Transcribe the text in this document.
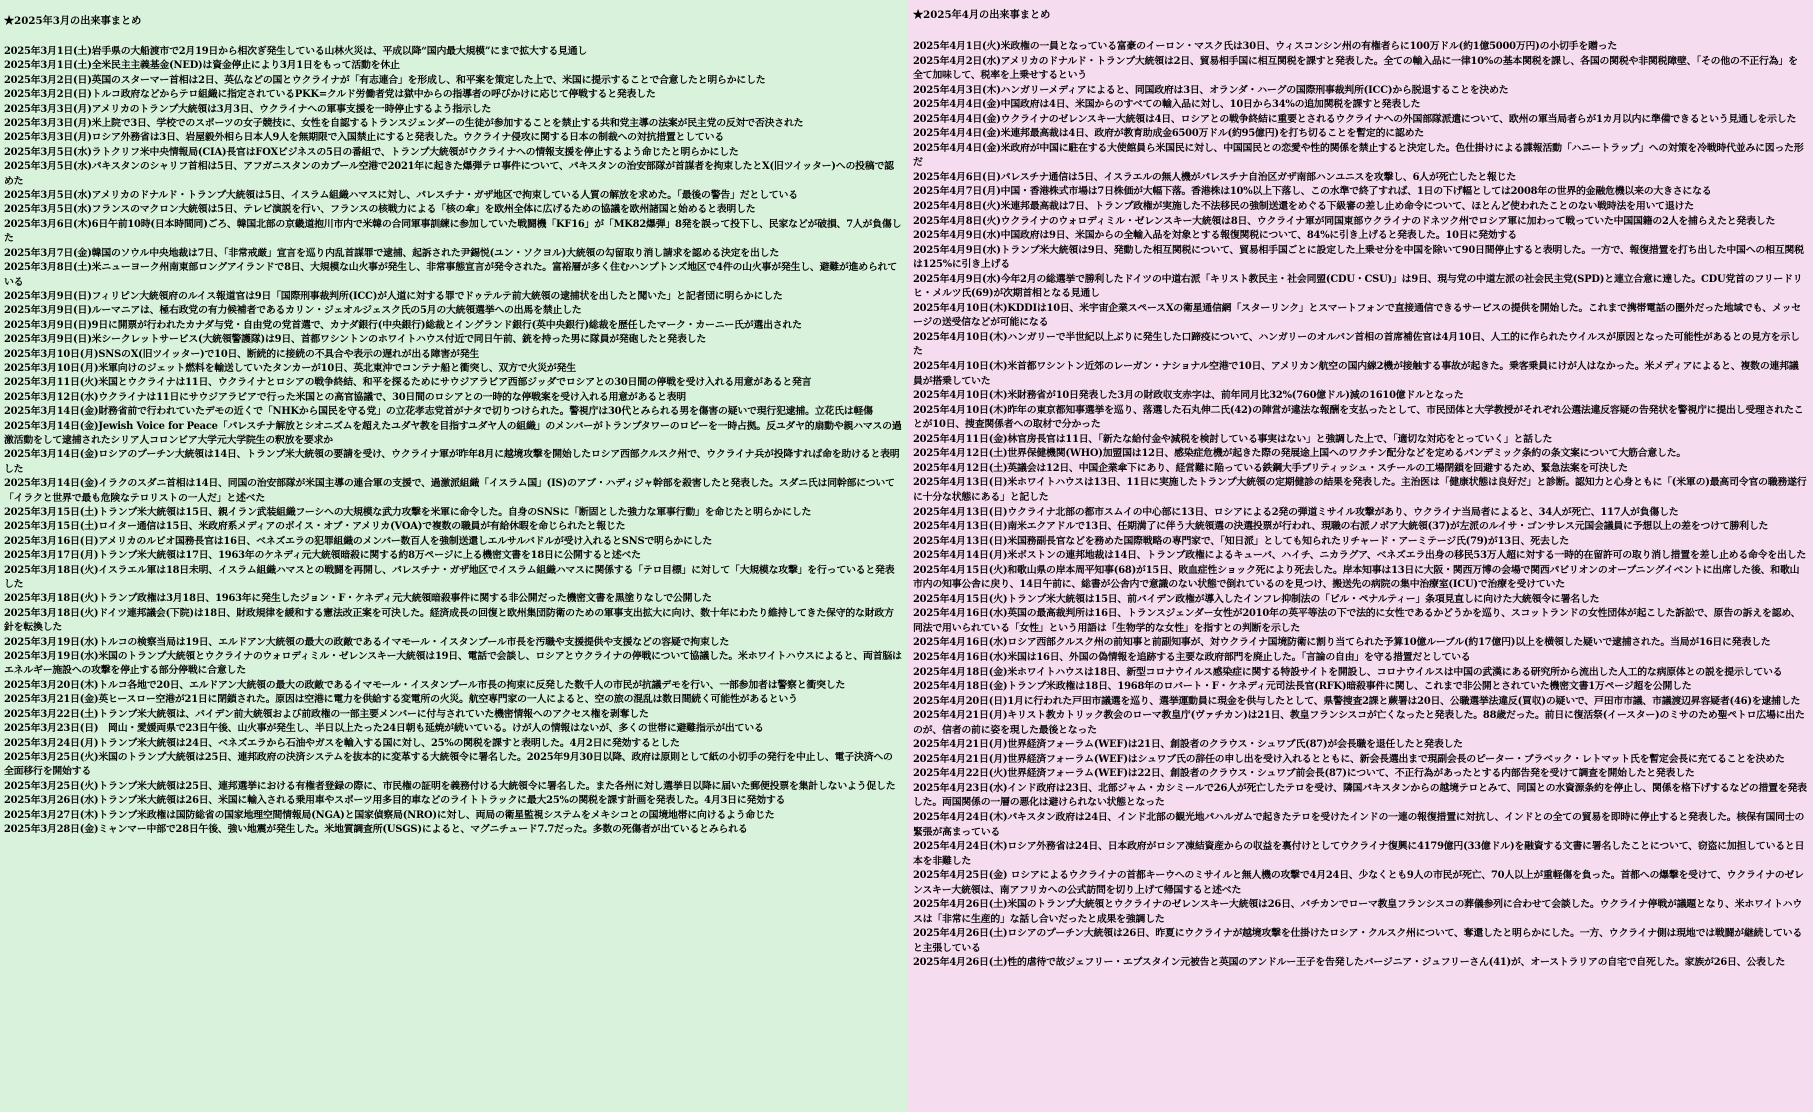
★2025年3月の出来事まとめ
2025年3月1日(土)岩手県の大船渡市で2月19日から相次ぎ発生している山林火災は、平成以降“国内最大規模”にまで拡大する見通し
2025年3月1日(土)全米民主主義基金(NED)は資金停止により3月1日をもって活動を休止
2025年3月2日(日)英国のスターマー首相は2日、英仏などの国とウクライナが「有志連合」を形成し、和平案を策定した上で、米国に提示することで合意したと明らかにした
2025年3月2日(日)トルコ政府などからテロ組織に指定されているPKK=クルド労働者党は獄中からの指導者の呼びかけに応じて停戦すると発表した
2025年3月3日(月)アメリカのトランプ大統領は3月3日、ウクライナへの軍事支援を一時停止するよう指示した
2025年3月3日(月)米上院で3日、学校でのスポーツの女子競技に、女性を自認するトランスジェンダーの生徒が参加することを禁止する共和党主導の法案が民主党の反対で否決された
2025年3月3日(月)ロシア外務省は3日、岩屋毅外相ら日本人9人を無期限で入国禁止にすると発表した。ウクライナ侵攻に関する日本の制裁への対抗措置としている
2025年3月5日(水)ラトクリフ米中央情報局(CIA)長官はFOXビジネスの5日の番組で、トランプ大統領がウクライナへの情報支援を停止するよう命じたと明らかにした
2025年3月5日(水)パキスタンのシャリフ首相は5日、アフガニスタンのカブール空港で2021年に起きた爆弾テロ事件について、パキスタンの治安部隊が首謀者を拘束したとX(旧ツイッター)への投稿で認めた
2025年3月5日(水)アメリカのドナルド・トランプ大統領は5日、イスラム組織ハマスに対し、パレスチナ・ガザ地区で拘束している人質の解放を求めた。「最後の警告」だとしている
2025年3月5日(水)フランスのマクロン大統領は5日、テレビ演説を行い、フランスの核戦力による「核の傘」を欧州全体に広げるための協議を欧州諸国と始めると表明した
2025年3月6日(木)6日午前10時(日本時間同)ごろ、韓国北部の京畿道抱川市内で米韓の合同軍事訓練に参加していた戦闘機「KF16」が「MK82爆弾」8発を誤って投下し、民家などが破損、7人が負傷した
2025年3月7日(金)韓国のソウル中央地裁は7日、「非常戒厳」宣言を巡り内乱首謀罪で逮捕、起訴された尹錫悦(ユン・ソクヨル)大統領の勾留取り消し請求を認める決定を出した
2025年3月8日(土)米ニューヨーク州南東部ロングアイランドで8日、大規模な山火事が発生し、非常事態宣言が発令された。富裕層が多く住むハンプトンズ地区で4件の山火事が発生し、避難が進められている
2025年3月9日(日)フィリピン大統領府のルイス報道官は9日「国際刑事裁判所(ICC)が人道に対する罪でドゥテルテ前大統領の逮捕状を出したと聞いた」と記者団に明らかにした
2025年3月9日(日)ルーマニアは、極右政党の有力候補者であるカリン・ジェオルジェスク氏の5月の大統領選挙への出馬を禁止した
2025年3月9日(日)9日に開票が行われたカナダ与党・自由党の党首選で、カナダ銀行(中央銀行)総裁とイングランド銀行(英中央銀行)総裁を歴任したマーク・カーニー氏が選出された
2025年3月9日(日)米シークレットサービス(大統領警護隊)は9日、首都ワシントンのホワイトハウス付近で同日午前、銃を持った男に隊員が発砲したと発表した
2025年3月10日(月)SNSのX(旧ツイッター)で10日、断続的に接続の不具合や表示の遅れが出る障害が発生
2025年3月10日(月)米軍向けのジェット燃料を輸送していたタンカーが10日、英北東沖でコンテナ船と衝突し、双方で火災が発生
2025年3月11日(火)米国とウクライナは11日、ウクライナとロシアの戦争終結、和平を探るためにサウジアラビア西部ジッダでロシアとの30日間の停戦を受け入れる用意があると発言
2025年3月12日(水)ウクライナは11日にサウジアラビアで行った米国との高官協議で、30日間のロシアとの一時的な停戦案を受け入れる用意があると表明
2025年3月14日(金)財務省前で行われていたデモの近くで「NHKから国民を守る党」の立花孝志党首がナタで切りつけられた。警視庁は30代とみられる男を傷害の疑いで現行犯逮捕。立花氏は軽傷
2025年3月14日(金)Jewish Voice for Peace「パレスチナ解放とシオニズムを超えたユダヤ教を目指すユダヤ人の組織」のメンバーがトランプタワーのロビーを一時占拠。反ユダヤ的扇動や親ハマスの過激活動をして逮捕されたシリア人コロンビア大学元大学院生の釈放を要求か
2025年3月14日(金)ロシアのプーチン大統領は14日、トランプ米大統領の要請を受け、ウクライナ軍が昨年8月に越境攻撃を開始したロシア西部クルスク州で、ウクライナ兵が投降すれば命を助けると表明した
2025年3月14日(金)イラクのスダニ首相は14日、同国の治安部隊が米国主導の連合軍の支援で、過激派組織「イスラム国」(IS)のアブ・ハディジャ幹部を殺害したと発表した。スダニ氏は同幹部について「イラクと世界で最も危険なテロリストの一人だ」と述べた
2025年3月15日(土)トランプ米大統領は15日、親イラン武装組織フーシへの大規模な武力攻撃を米軍に命令した。自身のSNSに「断固とした強力な軍事行動」を命じたと明らかにした
2025年3月15日(土)ロイター通信は15日、米政府系メディアのボイス・オブ・アメリカ(VOA)で複数の職員が有給休暇を命じられたと報じた
2025年3月16日(日)アメリカのルビオ国務長官は16日、ベネズエラの犯罪組織のメンバー数百人を強制送還しエルサルバドルが受け入れるとSNSで明らかにした
2025年3月17日(月)トランプ米大統領は17日、1963年のケネディ元大統領暗殺に関する約8万ページに上る機密文書を18日に公開すると述べた
2025年3月18日(火)イスラエル軍は18日未明、イスラム組織ハマスとの戦闘を再開し、パレスチナ・ガザ地区でイスラム組織ハマスに関係する「テロ目標」に対して「大規模な攻撃」を行っていると発表した
2025年3月18日(火)トランプ政権は3月18日、1963年に発生したジョン・F・ケネディ元大統領暗殺事件に関する非公開だった機密文書を黒塗りなしで公開した
2025年3月18日(火)ドイツ連邦議会(下院)は18日、財政規律を緩和する憲法改正案を可決した。経済成長の回復と欧州集団防衛のための軍事支出拡大に向け、数十年にわたり維持してきた保守的な財政方針を転換した
2025年3月19日(水)トルコの検察当局は19日、エルドアン大統領の最大の政敵であるイマモール・イスタンブール市長を汚職や支援提供や支援などの容疑で拘束した
2025年3月19日(水)米国のトランプ大統領とウクライナのウォロディミル・ゼレンスキー大統領は19日、電話で会談し、ロシアとウクライナの停戦について協議した。米ホワイトハウスによると、両首脳はエネルギー施設への攻撃を停止する部分停戦に合意した
2025年3月20日(木)トルコ各地で20日、エルドアン大統領の最大の政敵であるイマモール・イスタンブール市長の拘束に反発した数千人の市民が抗議デモを行い、一部参加者は警察と衝突した
2025年3月21日(金)英ヒースロー空港が21日に閉鎖された。原因は空港に電力を供給する変電所の火災。航空専門家の一人によると、空の旅の混乱は数日間続く可能性があるという
2025年3月22日(土)トランプ米大統領は、バイデン前大統領および前政権の一部主要メンバーに付与されていた機密情報へのアクセス権を剥奪した
2025年3月23日(日)　岡山・愛媛両県で23日午後、山火事が発生し、半日以上たった24日朝も延焼が続いている。けが人の情報はないが、多くの世帯に避難指示が出ている
2025年3月24日(月)トランプ米大統領は24日、ベネズエラから石油やガスを輸入する国に対し、25%の関税を課すと表明した。4月2日に発効するとした
2025年3月25日(火)米国のトランプ大統領は25日、連邦政府の決済システムを抜本的に変革する大統領令に署名した。2025年9月30日以降、政府は原則として紙の小切手の発行を中止し、電子決済への全面移行を開始する
2025年3月25日(火)トランプ米大統領は25日、連邦選挙における有権者登録の際に、市民権の証明を義務付ける大統領令に署名した。また各州に対し選挙日以降に届いた郵便投票を集計しないよう促した
2025年3月26日(水)トランプ米大統領は26日、米国に輸入される乗用車やスポーツ用多目的車などのライトトラックに最大25%の関税を課す計画を発表した。4月3日に発効する
2025年3月27日(木)トランプ米政権は国防総省の国家地理空間情報局(NGA)と国家偵察局(NRO)に対し、両局の衛星監視システムをメキシコとの国境地帯に向けるよう命じた
2025年3月28日(金)ミャンマー中部で28日午後、強い地震が発生した。米地質調査所(USGS)によると、マグニチュード7.7だった。多数の死傷者が出ているとみられる
★2025年4月の出来事まとめ
2025年4月1日(火)米政権の一員となっている富豪のイーロン・マスク氏は30日、ウィスコンシン州の有権者らに100万ドル(約1億5000万円)の小切手を贈った
2025年4月2日(水)アメリカのドナルド・トランプ大統領は2日、貿易相手国に相互関税を課すと発表した。全ての輸入品に一律10%の基本関税を課し、各国の関税や非関税障壁、「その他の不正行為」を全て加味して、税率を上乗せするという
2025年4月3日(木)ハンガリーメディアによると、同国政府は3日、オランダ・ハーグの国際刑事裁判所(ICC)から脱退することを決めた
2025年4月4日(金)中国政府は4日、米国からのすべての輸入品に対し、10日から34%の追加関税を課すと発表した
2025年4月4日(金)ウクライナのゼレンスキー大統領は4日、ロシアとの戦争終結に重要とされるウクライナへの外国部隊派遣について、欧州の軍当局者らが1カ月以内に準備できるという見通しを示した
2025年4月4日(金)米連邦最高裁は4日、政府が教育助成金6500万ドル(約95億円)を打ち切ることを暫定的に認めた
2025年4月4日(金)米政府が中国に駐在する大使館員ら米国民に対し、中国国民との恋愛や性的関係を禁止すると決定した。色仕掛けによる諜報活動「ハニートラップ」への対策を冷戦時代並みに図った形だ
2025年4月6日(日)パレスチナ通信は5日、イスラエルの無人機がパレスチナ自治区ガザ南部ハンユニスを攻撃し、6人が死亡したと報じた
2025年4月7日(月)中国・香港株式市場は7日株価が大幅下落。香港株は10%以上下落し、この水準で終了すれば、1日の下げ幅としては2008年の世界的金融危機以来の大きさになる
2025年4月8日(火)米連邦最高裁は7日、トランプ政権が実施した不法移民の強制送還をめぐる下級審の差し止め命令について、ほとんど使われたことのない戦時法を用いて退けた
2025年4月8日(火)ウクライナのウォロディミル・ゼレンスキー大統領は8日、ウクライナ軍が同国東部ウクライナのドネツク州でロシア軍に加わって戦っていた中国国籍の2人を捕らえたと発表した
2025年4月9日(水)中国政府は9日、米国からの全輸入品を対象とする報復関税について、84%に引き上げると発表した。10日に発効する
2025年4月9日(水)トランプ米大統領は9日、発動した相互関税について、貿易相手国ごとに設定した上乗せ分を中国を除いて90日間停止すると表明した。一方で、報復措置を打ち出した中国への相互関税は125%に引き上げる
2025年4月9日(水)今年2月の総選挙で勝利したドイツの中道右派「キリスト教民主・社会同盟(CDU・CSU)」は9日、現与党の中道左派の社会民主党(SPD)と連立合意に達した。CDU党首のフリードリヒ・メルツ氏(69)が次期首相となる見通し
2025年4月10日(木)KDDIは10日、米宇宙企業スペースXの衛星通信網「スターリンク」とスマートフォンで直接通信できるサービスの提供を開始した。これまで携帯電話の圏外だった地域でも、メッセージの送受信などが可能になる
2025年4月10日(木)ハンガリーで半世紀以上ぶりに発生した口蹄疫について、ハンガリーのオルバン首相の首席補佐官は4月10日、人工的に作られたウイルスが原因となった可能性があるとの見方を示した
2025年4月10日(木)米首都ワシントン近郊のレーガン・ナショナル空港で10日、アメリカン航空の国内線2機が接触する事故が起きた。乗客乗員にけが人はなかった。米メディアによると、複数の連邦議員が搭乗していた
2025年4月10日(木)米財務省が10日発表した3月の財政収支赤字は、前年同月比32%(760億ドル)減の1610億ドルとなった
2025年4月10日(木)昨年の東京都知事選挙を巡り、落選した石丸伸二氏(42)の陣営が違法な報酬を支払ったとして、市民団体と大学教授がそれぞれ公選法違反容疑の告発状を警視庁に提出し受理されたことが10日、捜査関係者への取材で分かった
2025年4月11日(金)林官房長官は11日、「新たな給付金や減税を検討している事実はない」と強調した上で、「適切な対応をとっていく」と話した
2025年4月12日(土)世界保健機関(WHO)加盟国は12日、感染症危機が起きた際の発展途上国へのワクチン配分などを定めるパンデミック条約の条文案について大筋合意した。
2025年4月12日(土)英議会は12日、中国企業傘下にあり、経営難に陥っている鉄鋼大手ブリティッシュ・スチールの工場閉鎖を回避するため、緊急法案を可決した
2025年4月13日(日)米ホワイトハウスは13日、11日に実施したトランプ大統領の定期健診の結果を発表した。主治医は「健康状態は良好だ」と診断。認知力と心身ともに「(米軍の)最高司令官の職務遂行に十分な状態にある」と記した
2025年4月13日(日)ウクライナ北部の都市スムイの中心部に13日、ロシアによる2発の弾道ミサイル攻撃があり、ウクライナ当局者によると、34人が死亡、117人が負傷した
2025年4月13日(日)南米エクアドルで13日、任期満了に伴う大統領選の決選投票が行われ、現職の右派ノボア大統領(37)が左派のルイサ・ゴンサレス元国会議員に予想以上の差をつけて勝利した
2025年4月13日(日)米国務副長官などを務めた国際戦略の専門家で、「知日派」としても知られたリチャード・アーミテージ氏(79)が13日、死去した
2025年4月14日(月)米ボストンの連邦地裁は14日、トランプ政権によるキューバ、ハイチ、ニカラグア、ベネズエラ出身の移民53万人超に対する一時的在留許可の取り消し措置を差し止める命令を出した
2025年4月15日(火)和歌山県の岸本周平知事(68)が15日、敗血症性ショック死により死去した。岸本知事は13日に大阪・関西万博の会場で関西パビリオンのオープニングイベントに出席した後、和歌山市内の知事公舎に戻り、14日午前に、総書が公舎内で意識のない状態で倒れているのを見つけ、搬送先の病院の集中治療室(ICU)で治療を受けていた
2025年4月15日(火)トランプ米大統領は15日、前バイデン政権が導入したインフレ抑制法の「ピル・ペナルティー」条項見直しに向けた大統領令に署名した
2025年4月16日(水)英国の最高裁判所は16日、トランスジェンダー女性が2010年の英平等法の下で法的に女性であるかどうかを巡り、スコットランドの女性団体が起こした訴訟で、原告の訴えを認め、同法で用いられている「女性」という用語は「生物学的な女性」を指すとの判断を示した
2025年4月16日(水)ロシア西部クルスク州の前知事と前副知事が、対ウクライナ国境防衛に割り当てられた予算10億ルーブル(約17億円)以上を横領した疑いで逮捕された。当局が16日に発表した
2025年4月16日(水)米国は16日、外国の偽情報を追跡する主要な政府部門を廃止した。「言論の自由」を守る措置だとしている
2025年4月18日(金)米ホワイトハウスは18日、新型コロナウイルス感染症に関する特設サイトを開設し、コロナウイルスは中国の武漢にある研究所から流出した人工的な病原体との説を提示している
2025年4月18日(金)トランプ米政権は18日、1968年のロバート・F・ケネディ元司法長官(RFK)暗殺事件に関し、これまで非公開とされていた機密文書1万ページ超を公開した
2025年4月20日(日)1月に行われた戸田市議選を巡り、選挙運動員に現金を供与したとして、県警捜査2課と蕨署は20日、公職選挙法違反(買収)の疑いで、戸田市市議、市議渡辺昇容疑者(46)を逮捕した
2025年4月21日(月)キリスト教カトリック教会のローマ教皇庁(ヴァチカン)は21日、教皇フランシスコが亡くなったと発表した。88歳だった。前日に復活祭(イースター)のミサのため聖ペトロ広場に出たのが、信者の前に姿を現した最後となった
2025年4月21日(月)世界経済フォーラム(WEF)は21日、創設者のクラウス・シュワブ氏(87)が会長職を退任したと発表した
2025年4月21日(月)世界経済フォーラム(WEF)はシュワブ氏の辞任の申し出を受け入れるとともに、新会長選出まで現副会長のピーター・ブラベック・レトマット氏を暫定会長に充てることを決めた
2025年4月22日(火)世界経済フォーラム(WEF)は22日、創設者のクラウス・シュワブ前会長(87)について、不正行為があったとする内部告発を受けて調査を開始したと発表した
2025年4月23日(水)インド政府は23日、北部ジャム・カシミールで26人が死亡したテロを受け、隣国パキスタンからの越境テロとみて、同国との水資源条約を停止し、関係を格下げするなどの措置を発表した。両国関係の一層の悪化は避けられない状態となった
2025年4月24日(木)パキスタン政府は24日、インド北部の観光地パハルガムで起きたテロを受けたインドの一連の報復措置に対抗し、インドとの全ての貿易を即時に停止すると発表した。核保有国同士の緊張が高まっている
2025年4月24日(木)ロシア外務省は24日、日本政府がロシア凍結資産からの収益を裏付けとしてウクライナ復興に4179億円(33億ドル)を融資する文書に署名したことについて、窃盗に加担していると日本を非難した
2025年4月25日(金) ロシアによるウクライナの首都キーウへのミサイルと無人機の攻撃で4月24日、少なくとも9人の市民が死亡、70人以上が重軽傷を負った。首都への爆撃を受けて、ウクライナのゼレンスキー大統領は、南アフリカへの公式訪問を切り上げて帰国すると述べた
2025年4月26日(土)米国のトランプ大統領とウクライナのゼレンスキー大統領は26日、バチカンでローマ教皇フランシスコの葬儀参列に合わせて会談した。ウクライナ停戦が議題となり、米ホワイトハウスは「非常に生産的」な話し合いだったと成果を強調した
2025年4月26日(土)ロシアのプーチン大統領は26日、昨夏にウクライナが越境攻撃を仕掛けたロシア・クルスク州について、奪還したと明らかにした。一方、ウクライナ側は現地では戦闘が継続していると主張している
2025年4月26日(土)性的虐待で故ジェフリー・エプスタイン元被告と英国のアンドルー王子を告発したバージニア・ジュフリーさん(41)が、オーストラリアの自宅で自死した。家族が26日、公表した
